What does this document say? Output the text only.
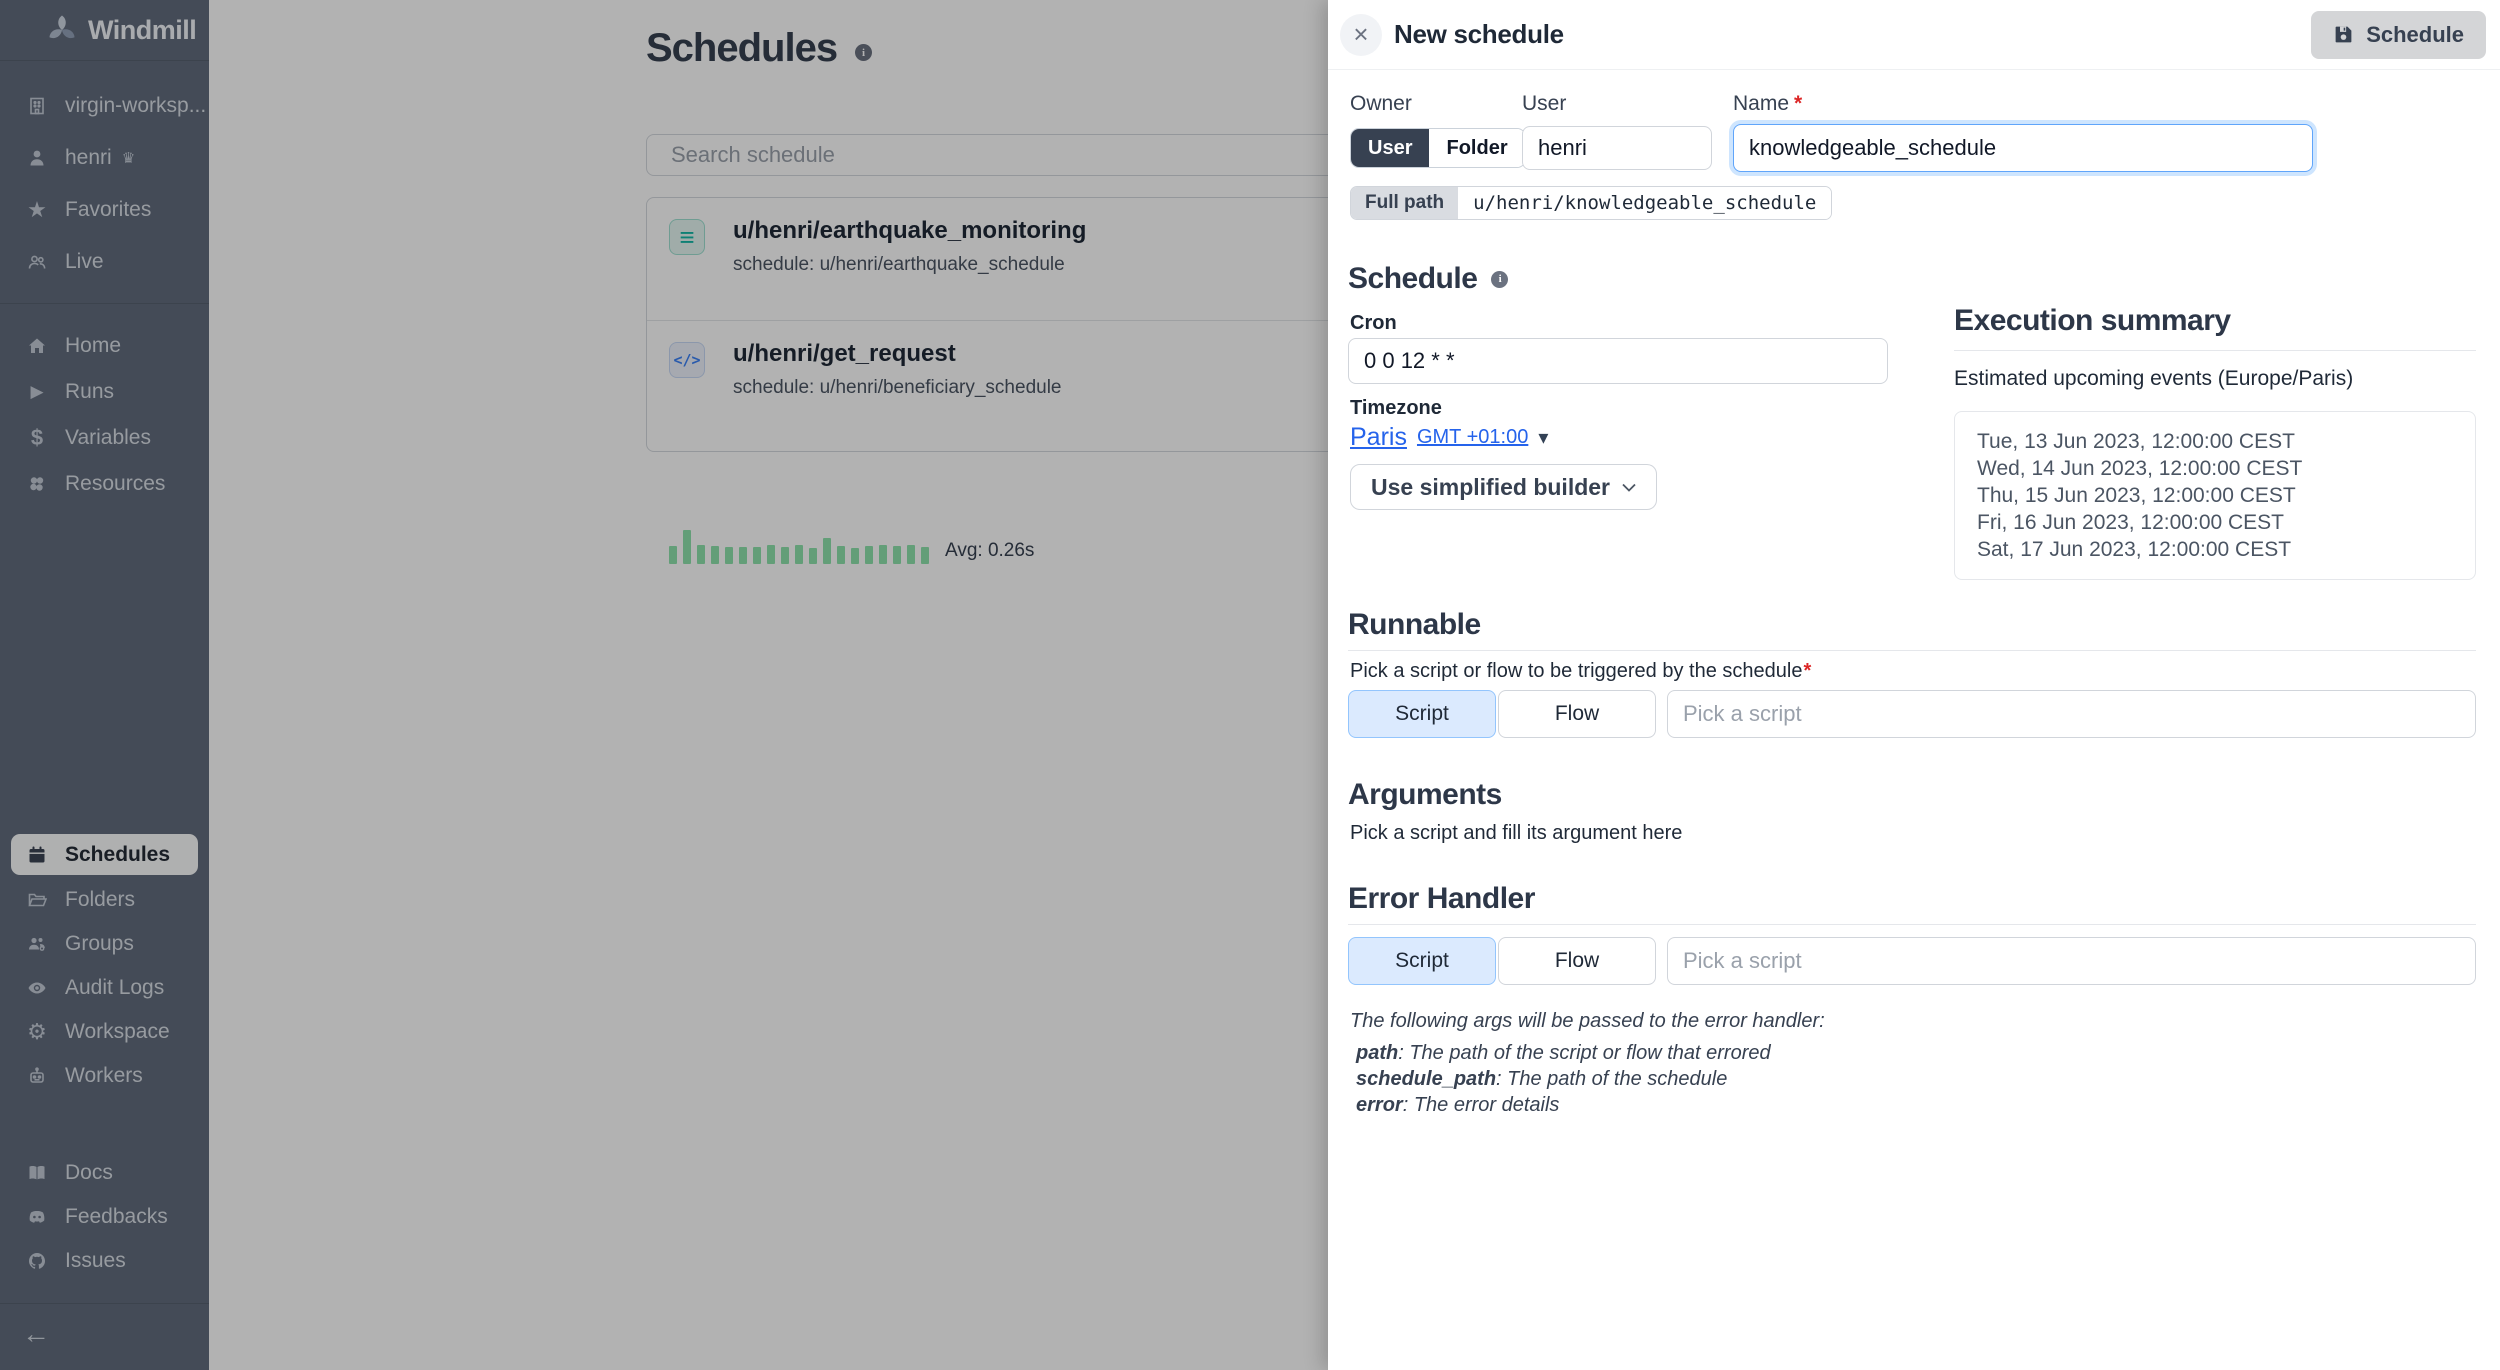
Windmill
virgin-worksp...
henri ♛
★ Favorites
Live
Home
▶ Runs
$ Variables
Resources
Schedules
Folders
Groups
Audit Logs
⚙ Workspace
Workers
Docs
Feedbacks
Issues
←
Schedules	i
Search schedule
≡	u/henri/earthquake_monitoring
schedule: u/henri/earthquake_schedule
</> u/henri/get_request
schedule: u/henri/beneficiary_schedule
Avg: 0.26s
× New schedule	Schedule
Owner
User	Folder
User
henri	Name *
knowledgeable_schedule
Full path	u/henri/knowledgeable_schedule
Schedule	i
Cron
0 0 12 * *
Timezone
Paris GMT +01:00 ▾
Use simplified builder
Execution summary
Estimated upcoming events (Europe/Paris)
Tue, 13 Jun 2023, 12:00:00 CEST
Wed, 14 Jun 2023, 12:00:00 CEST
Thu, 15 Jun 2023, 12:00:00 CEST
Fri, 16 Jun 2023, 12:00:00 CEST
Sat, 17 Jun 2023, 12:00:00 CEST
Runnable
Pick a script or flow to be triggered by the schedule*
Script	Flow
Pick a script
Arguments
Pick a script and fill its argument here
Error Handler
Script	Flow
Pick a script
The following args will be passed to the error handler:
path: The path of the script or flow that errored
schedule_path: The path of the schedule
error: The error details
